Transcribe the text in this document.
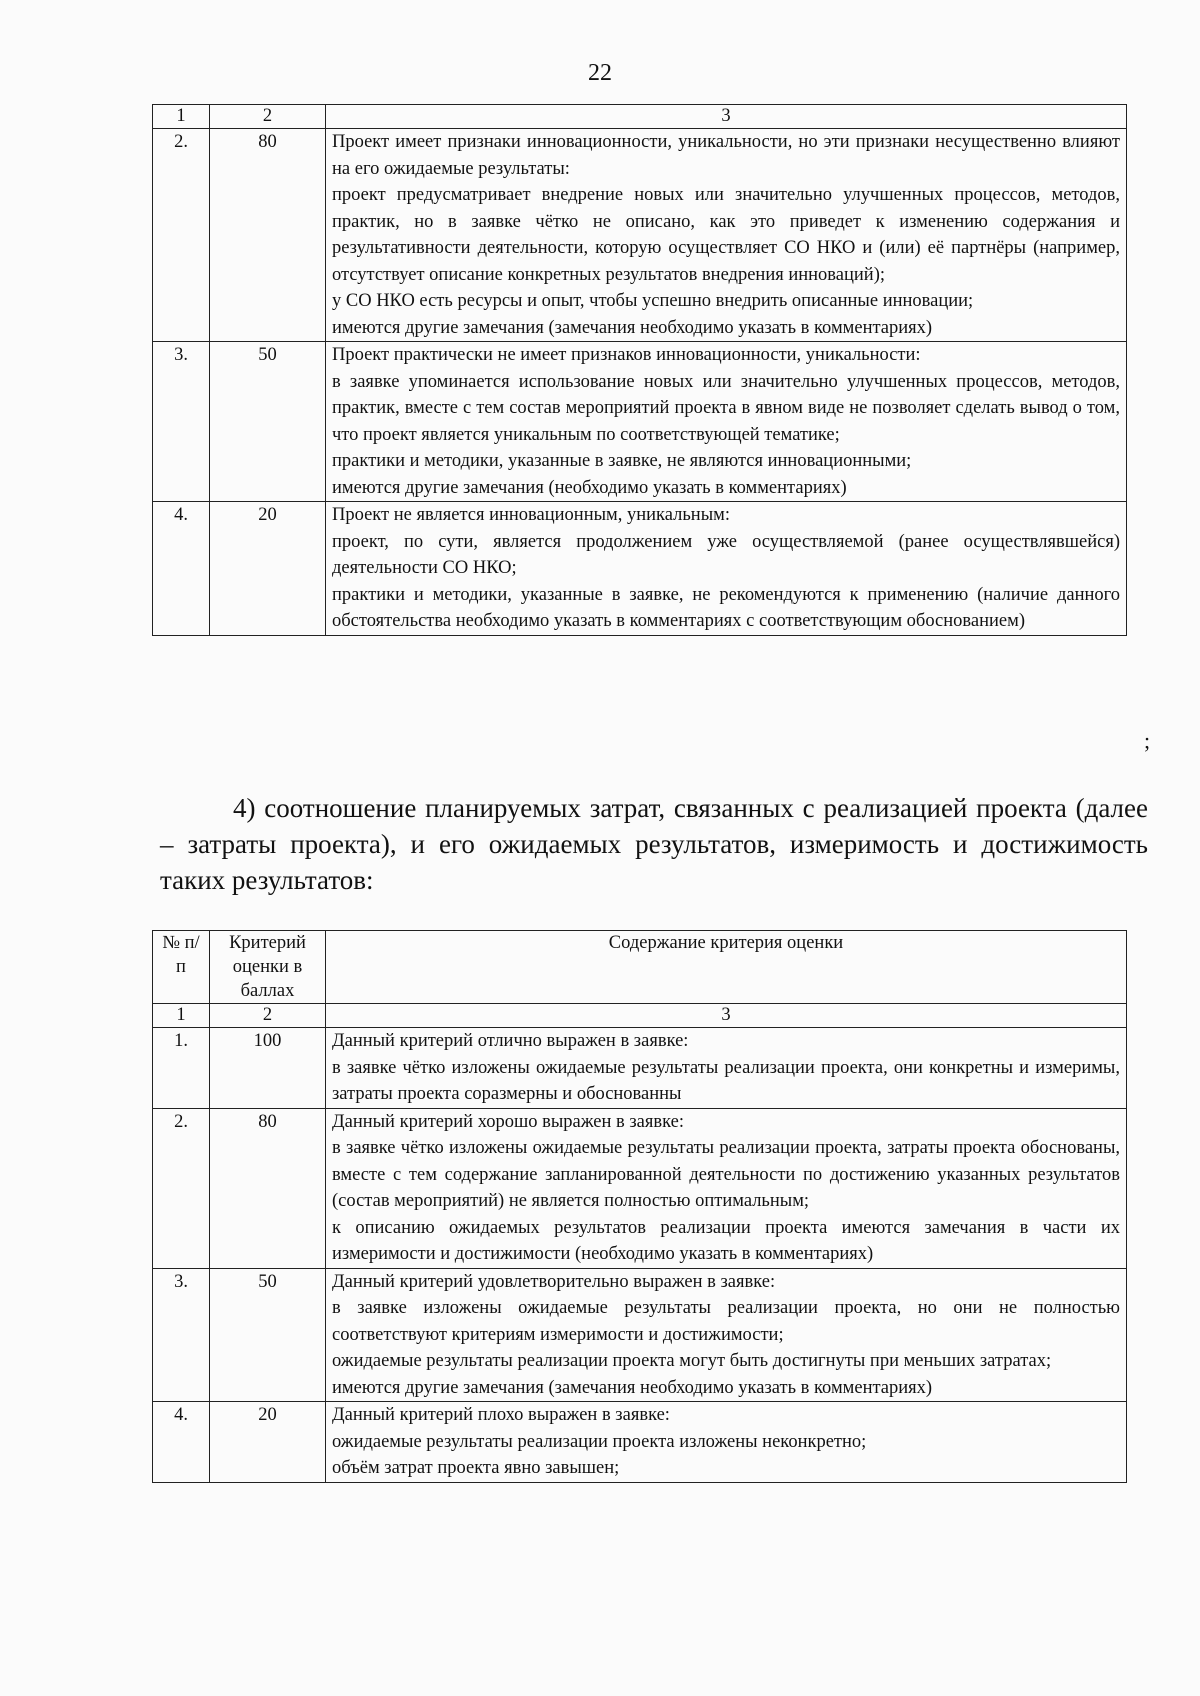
22
1	2	3
2.	80	Проект имеет признаки инновационности, уникальности, но эти признаки несущественно влияют на его ожидаемые результаты:

проект предусматривает внедрение новых или значительно улучшенных процессов, методов, практик, но в заявке чётко не описано, как это приведет к изменению содержания и результативности деятельности, которую осуществляет СО НКО и (или) её партнёры (например, отсутствует описание конкретных результатов внедрения инноваций);

у СО НКО есть ресурсы и опыт, чтобы успешно внедрить описанные инновации;

имеются другие замечания (замечания необходимо указать в комментариях)

3.	50	Проект практически не имеет признаков инновационности, уникальности:

в заявке упоминается использование новых или значительно улучшенных процессов, методов, практик, вместе с тем состав мероприятий проекта в явном виде не позволяет сделать вывод о том, что проект является уникальным по соответствующей тематике;

практики и методики, указанные в заявке, не являются инновационными;

имеются другие замечания (необходимо указать в комментариях)

4.	20	Проект не является инновационным, уникальным:

проект, по сути, является продолжением уже осуществляемой (ранее осуществлявшейся) деятельности СО НКО;

практики и методики, указанные в заявке, не рекомендуются к применению (наличие данного обстоятельства необходимо указать в комментариях с соответствующим обоснованием)

;

4) соотношение планируемых затрат, связанных с реализацией проекта (далее – затраты проекта), и его ожидаемых результатов, измеримость и достижимость таких результатов:

№ п/п	Критерий оценки в баллах	Содержание критерия оценки
1	2	3
1.	100	Данный критерий отлично выражен в заявке:

в заявке чётко изложены ожидаемые результаты реализации проекта, они конкретны и измеримы, затраты проекта соразмерны и обоснованны

2.	80	Данный критерий хорошо выражен в заявке:

в заявке чётко изложены ожидаемые результаты реализации проекта, затраты проекта обоснованы, вместе с тем содержание запланированной деятельности по достижению указанных результатов (состав мероприятий) не является полностью оптимальным;

к описанию ожидаемых результатов реализации проекта имеются замечания в части их измеримости и достижимости (необходимо указать в комментариях)

3.	50	Данный критерий удовлетворительно выражен в заявке:

в заявке изложены ожидаемые результаты реализации проекта, но они не полностью соответствуют критериям измеримости и достижимости;

ожидаемые результаты реализации проекта могут быть достигнуты при меньших затратах;

имеются другие замечания (замечания необходимо указать в комментариях)

4.	20	Данный критерий плохо выражен в заявке:

ожидаемые результаты реализации проекта изложены неконкретно;

объём затрат проекта явно завышен;
